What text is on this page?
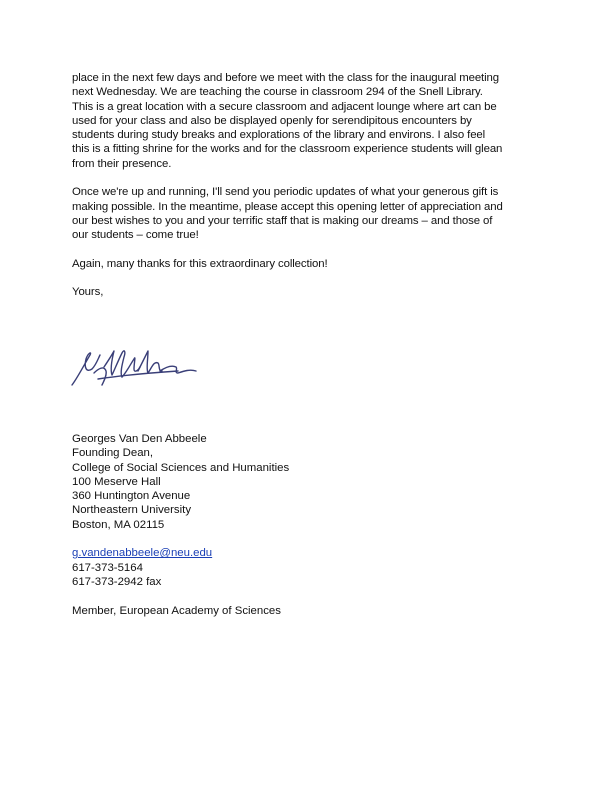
place in the next few days and before we meet with the class for the inaugural meeting
next Wednesday. We are teaching the course in classroom 294 of the Snell Library.
This is a great location with a secure classroom and adjacent lounge where art can be
used for your class and also be displayed openly for serendipitous encounters by
students during study breaks and explorations of the library and environs. I also feel
this is a fitting shrine for the works and for the classroom experience students will glean
from their presence.

Once we're up and running, I'll send you periodic updates of what your generous gift is
making possible. In the meantime, please accept this opening letter of appreciation and
our best wishes to you and your terrific staff that is making our dreams – and those of
our students – come true!

Again, many thanks for this extraordinary collection!

Yours,

Georges Van Den Abbeele
Founding Dean,
College of Social Sciences and Humanities
100 Meserve Hall
360 Huntington Avenue
Northeastern University
Boston, MA 02115
g.vandenabbeele@neu.edu
617-373-5164
617-373-2942 fax
Member, European Academy of Sciences
